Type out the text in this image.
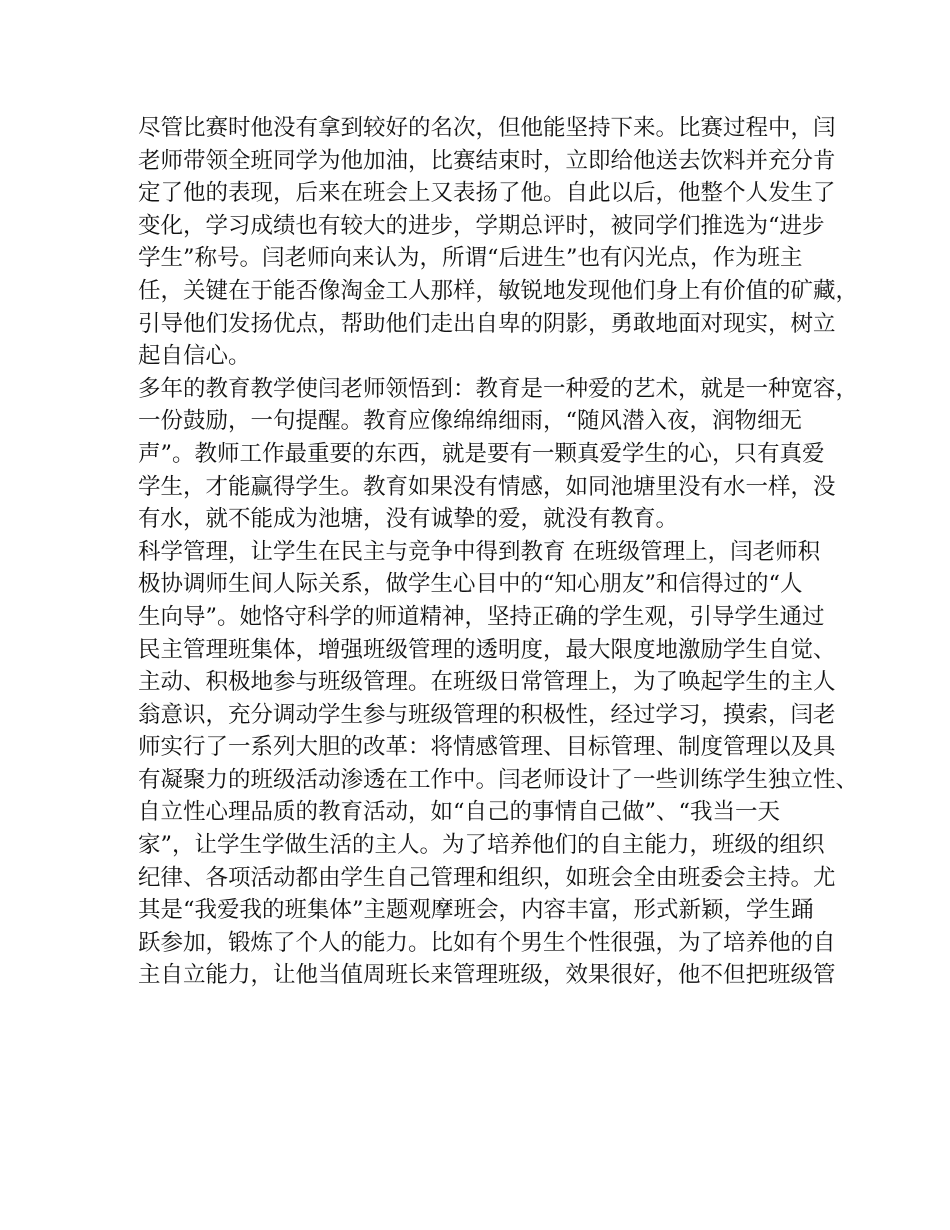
尽管比赛时他没有拿到较好的名次，但他能坚持下来。比赛过程中，闫
老师带领全班同学为他加油，比赛结束时，立即给他送去饮料并充分肯
定了他的表现，后来在班会上又表扬了他。自此以后，他整个人发生了
变化，学习成绩也有较大的进步，学期总评时，被同学们推选为“进步
学生”称号。闫老师向来认为，所谓“后进生”也有闪光点，作为班主
任，关键在于能否像淘金工人那样，敏锐地发现他们身上有价值的矿藏，
引导他们发扬优点，帮助他们走出自卑的阴影，勇敢地面对现实，树立
起自信心。
多年的教育教学使闫老师领悟到：教育是一种爱的艺术，就是一种宽容，
一份鼓励，一句提醒。教育应像绵绵细雨，“随风潜入夜，润物细无
声”。教师工作最重要的东西，就是要有一颗真爱学生的心，只有真爱
学生，才能赢得学生。教育如果没有情感，如同池塘里没有水一样，没
有水，就不能成为池塘，没有诚挚的爱，就没有教育。
科学管理，让学生在民主与竞争中得到教育 在班级管理上，闫老师积
极协调师生间人际关系，做学生心目中的“知心朋友”和信得过的“人
生向导”。她恪守科学的师道精神，坚持正确的学生观，引导学生通过
民主管理班集体，增强班级管理的透明度，最大限度地激励学生自觉、
主动、积极地参与班级管理。在班级日常管理上，为了唤起学生的主人
翁意识，充分调动学生参与班级管理的积极性，经过学习，摸索，闫老
师实行了一系列大胆的改革：将情感管理、目标管理、制度管理以及具
有凝聚力的班级活动渗透在工作中。闫老师设计了一些训练学生独立性、
自立性心理品质的教育活动，如“自己的事情自己做”、“我当一天
家”，让学生学做生活的主人。为了培养他们的自主能力，班级的组织
纪律、各项活动都由学生自己管理和组织，如班会全由班委会主持。尤
其是“我爱我的班集体”主题观摩班会，内容丰富，形式新颖，学生踊
跃参加，锻炼了个人的能力。比如有个男生个性很强，为了培养他的自
主自立能力，让他当值周班长来管理班级，效果很好，他不但把班级管
